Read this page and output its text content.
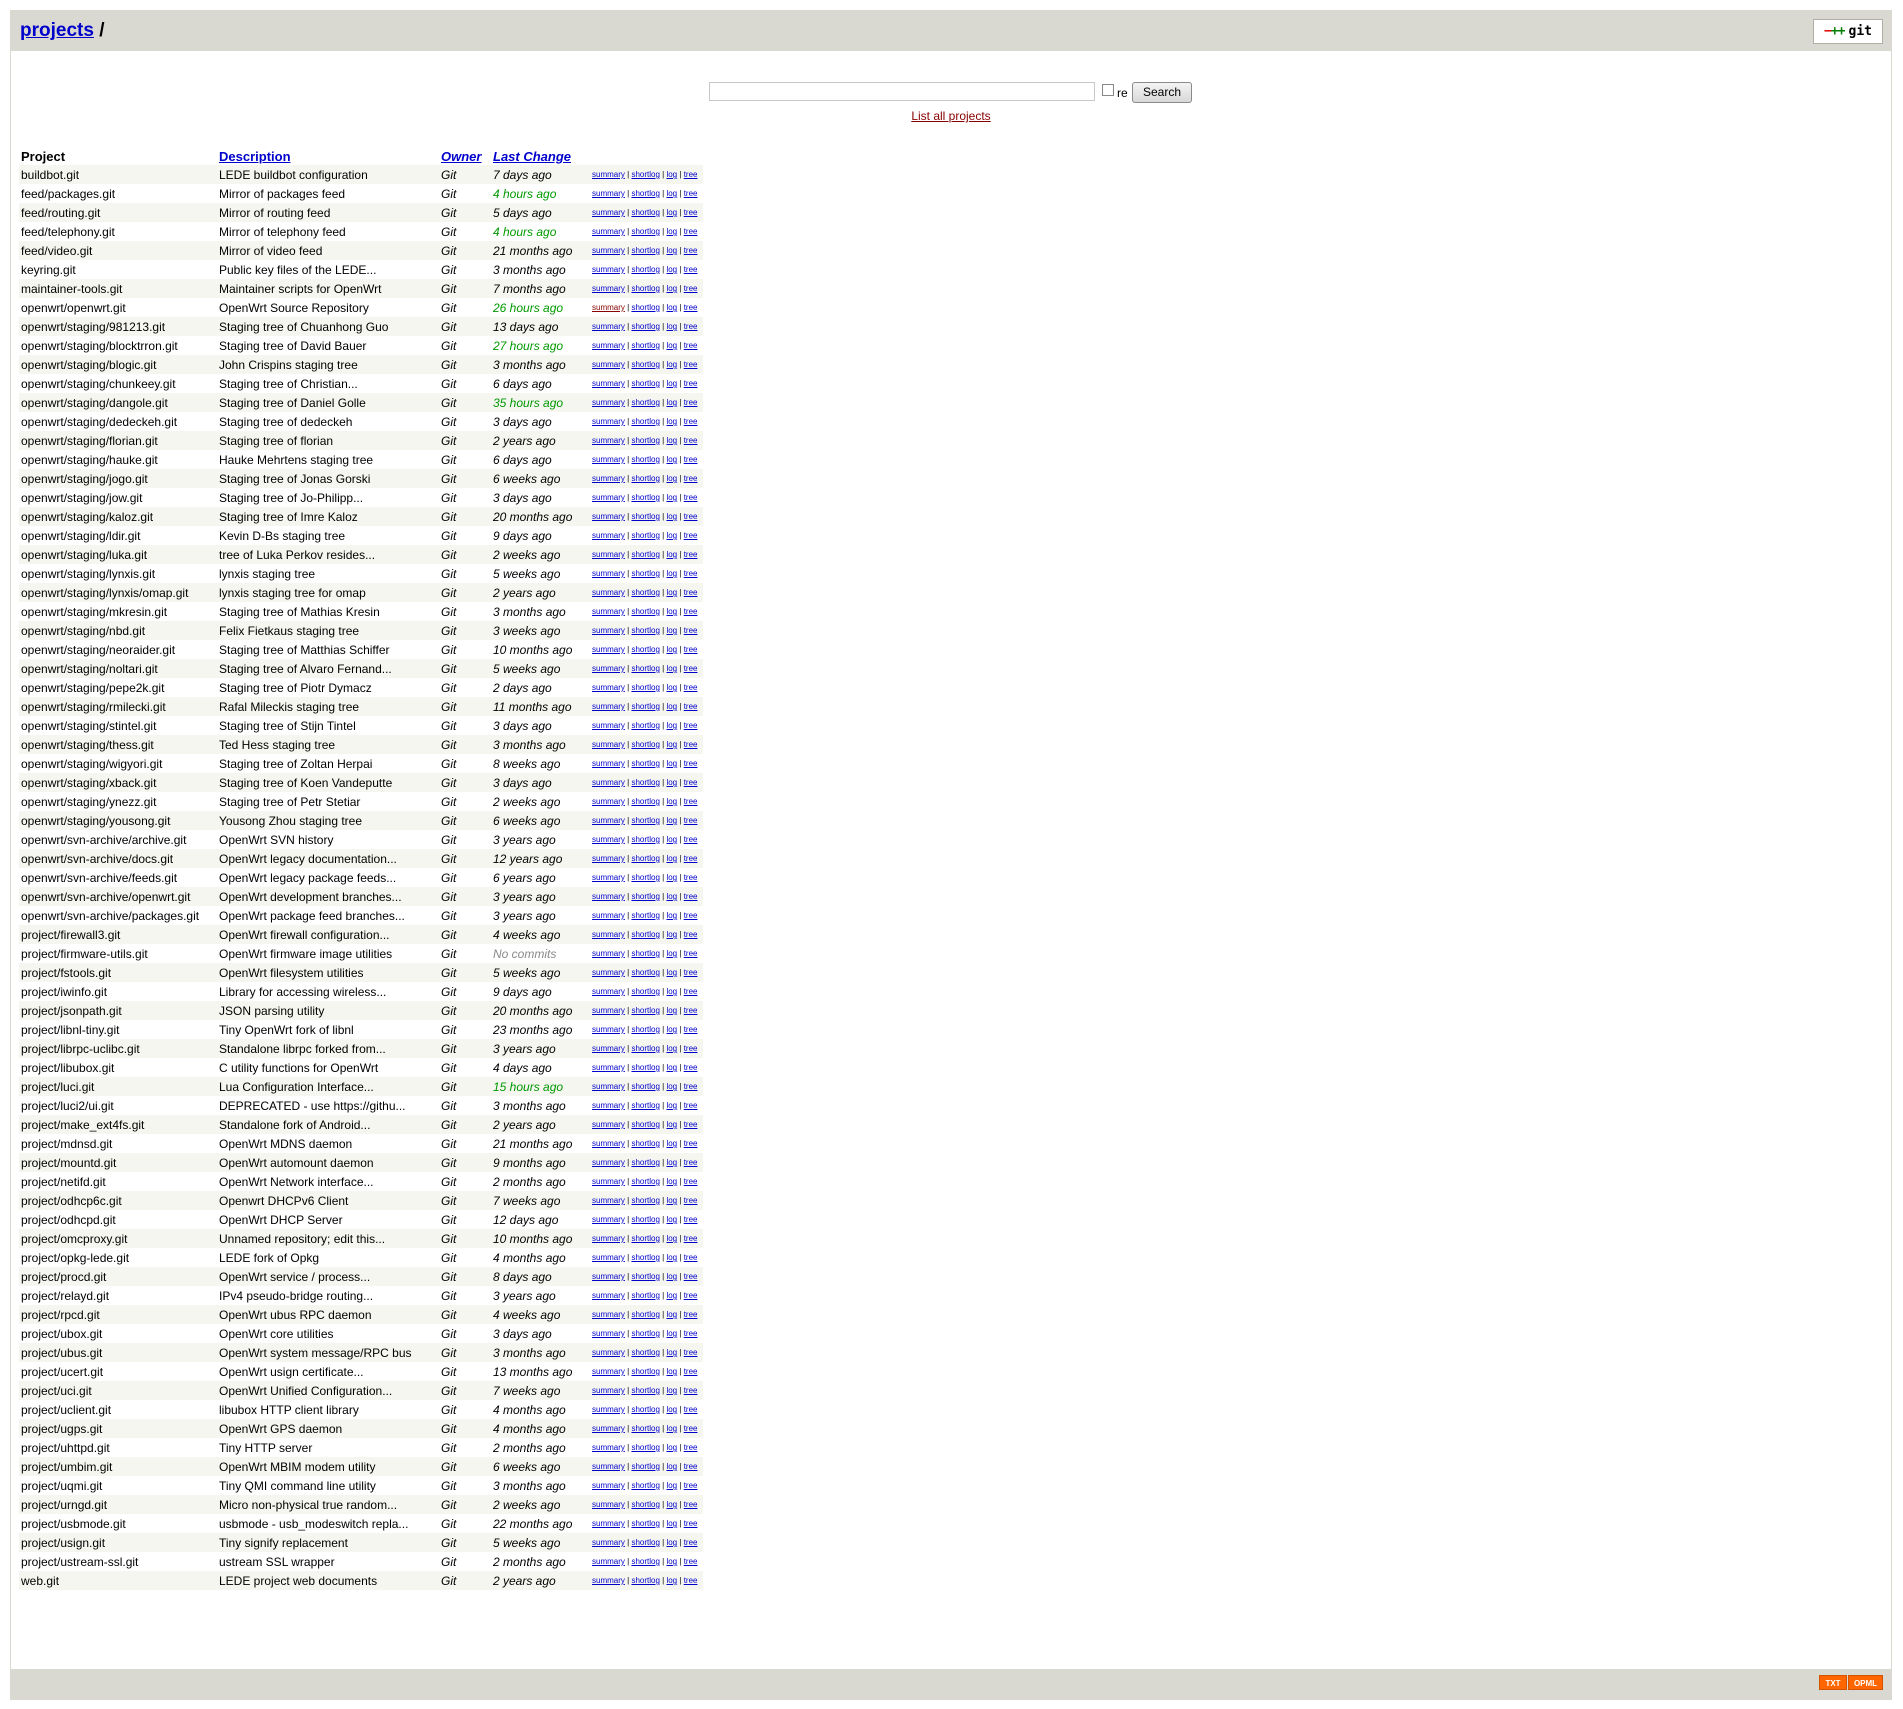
projects /	−++ git
re	Search
List all projects
Project	Description	Owner	Last Change	
buildbot.git	LEDE buildbot configuration	Git	7 days ago	summary | shortlog | log | tree
feed/packages.git	Mirror of packages feed	Git	4 hours ago	summary | shortlog | log | tree
feed/routing.git	Mirror of routing feed	Git	5 days ago	summary | shortlog | log | tree
feed/telephony.git	Mirror of telephony feed	Git	4 hours ago	summary | shortlog | log | tree
feed/video.git	Mirror of video feed	Git	21 months ago	summary | shortlog | log | tree
keyring.git	Public key files of the LEDE...	Git	3 months ago	summary | shortlog | log | tree
maintainer-tools.git	Maintainer scripts for OpenWrt	Git	7 months ago	summary | shortlog | log | tree
openwrt/openwrt.git	OpenWrt Source Repository	Git	26 hours ago	summary | shortlog | log | tree
openwrt/staging/981213.git	Staging tree of Chuanhong Guo	Git	13 days ago	summary | shortlog | log | tree
openwrt/staging/blocktrron.git	Staging tree of David Bauer	Git	27 hours ago	summary | shortlog | log | tree
openwrt/staging/blogic.git	John Crispins staging tree	Git	3 months ago	summary | shortlog | log | tree
openwrt/staging/chunkeey.git	Staging tree of Christian...	Git	6 days ago	summary | shortlog | log | tree
openwrt/staging/dangole.git	Staging tree of Daniel Golle	Git	35 hours ago	summary | shortlog | log | tree
openwrt/staging/dedeckeh.git	Staging tree of dedeckeh	Git	3 days ago	summary | shortlog | log | tree
openwrt/staging/florian.git	Staging tree of florian	Git	2 years ago	summary | shortlog | log | tree
openwrt/staging/hauke.git	Hauke Mehrtens staging tree	Git	6 days ago	summary | shortlog | log | tree
openwrt/staging/jogo.git	Staging tree of Jonas Gorski	Git	6 weeks ago	summary | shortlog | log | tree
openwrt/staging/jow.git	Staging tree of Jo-Philipp...	Git	3 days ago	summary | shortlog | log | tree
openwrt/staging/kaloz.git	Staging tree of Imre Kaloz	Git	20 months ago	summary | shortlog | log | tree
openwrt/staging/ldir.git	Kevin D-Bs staging tree	Git	9 days ago	summary | shortlog | log | tree
openwrt/staging/luka.git	tree of Luka Perkov resides...	Git	2 weeks ago	summary | shortlog | log | tree
openwrt/staging/lynxis.git	lynxis staging tree	Git	5 weeks ago	summary | shortlog | log | tree
openwrt/staging/lynxis/omap.git	lynxis staging tree for omap	Git	2 years ago	summary | shortlog | log | tree
openwrt/staging/mkresin.git	Staging tree of Mathias Kresin	Git	3 months ago	summary | shortlog | log | tree
openwrt/staging/nbd.git	Felix Fietkaus staging tree	Git	3 weeks ago	summary | shortlog | log | tree
openwrt/staging/neoraider.git	Staging tree of Matthias Schiffer	Git	10 months ago	summary | shortlog | log | tree
openwrt/staging/noltari.git	Staging tree of Alvaro Fernand...	Git	5 weeks ago	summary | shortlog | log | tree
openwrt/staging/pepe2k.git	Staging tree of Piotr Dymacz	Git	2 days ago	summary | shortlog | log | tree
openwrt/staging/rmilecki.git	Rafal Mileckis staging tree	Git	11 months ago	summary | shortlog | log | tree
openwrt/staging/stintel.git	Staging tree of Stijn Tintel	Git	3 days ago	summary | shortlog | log | tree
openwrt/staging/thess.git	Ted Hess staging tree	Git	3 months ago	summary | shortlog | log | tree
openwrt/staging/wigyori.git	Staging tree of Zoltan Herpai	Git	8 weeks ago	summary | shortlog | log | tree
openwrt/staging/xback.git	Staging tree of Koen Vandeputte	Git	3 days ago	summary | shortlog | log | tree
openwrt/staging/ynezz.git	Staging tree of Petr Stetiar	Git	2 weeks ago	summary | shortlog | log | tree
openwrt/staging/yousong.git	Yousong Zhou staging tree	Git	6 weeks ago	summary | shortlog | log | tree
openwrt/svn-archive/archive.git	OpenWrt SVN history	Git	3 years ago	summary | shortlog | log | tree
openwrt/svn-archive/docs.git	OpenWrt legacy documentation...	Git	12 years ago	summary | shortlog | log | tree
openwrt/svn-archive/feeds.git	OpenWrt legacy package feeds...	Git	6 years ago	summary | shortlog | log | tree
openwrt/svn-archive/openwrt.git	OpenWrt development branches...	Git	3 years ago	summary | shortlog | log | tree
openwrt/svn-archive/packages.git	OpenWrt package feed branches...	Git	3 years ago	summary | shortlog | log | tree
project/firewall3.git	OpenWrt firewall configuration...	Git	4 weeks ago	summary | shortlog | log | tree
project/firmware-utils.git	OpenWrt firmware image utilities	Git	No commits	summary | shortlog | log | tree
project/fstools.git	OpenWrt filesystem utilities	Git	5 weeks ago	summary | shortlog | log | tree
project/iwinfo.git	Library for accessing wireless...	Git	9 days ago	summary | shortlog | log | tree
project/jsonpath.git	JSON parsing utility	Git	20 months ago	summary | shortlog | log | tree
project/libnl-tiny.git	Tiny OpenWrt fork of libnl	Git	23 months ago	summary | shortlog | log | tree
project/librpc-uclibc.git	Standalone librpc forked from...	Git	3 years ago	summary | shortlog | log | tree
project/libubox.git	C utility functions for OpenWrt	Git	4 days ago	summary | shortlog | log | tree
project/luci.git	Lua Configuration Interface...	Git	15 hours ago	summary | shortlog | log | tree
project/luci2/ui.git	DEPRECATED - use https://githu...	Git	3 months ago	summary | shortlog | log | tree
project/make_ext4fs.git	Standalone fork of Android...	Git	2 years ago	summary | shortlog | log | tree
project/mdnsd.git	OpenWrt MDNS daemon	Git	21 months ago	summary | shortlog | log | tree
project/mountd.git	OpenWrt automount daemon	Git	9 months ago	summary | shortlog | log | tree
project/netifd.git	OpenWrt Network interface...	Git	2 months ago	summary | shortlog | log | tree
project/odhcp6c.git	Openwrt DHCPv6 Client	Git	7 weeks ago	summary | shortlog | log | tree
project/odhcpd.git	OpenWrt DHCP Server	Git	12 days ago	summary | shortlog | log | tree
project/omcproxy.git	Unnamed repository; edit this...	Git	10 months ago	summary | shortlog | log | tree
project/opkg-lede.git	LEDE fork of Opkg	Git	4 months ago	summary | shortlog | log | tree
project/procd.git	OpenWrt service / process...	Git	8 days ago	summary | shortlog | log | tree
project/relayd.git	IPv4 pseudo-bridge routing...	Git	3 years ago	summary | shortlog | log | tree
project/rpcd.git	OpenWrt ubus RPC daemon	Git	4 weeks ago	summary | shortlog | log | tree
project/ubox.git	OpenWrt core utilities	Git	3 days ago	summary | shortlog | log | tree
project/ubus.git	OpenWrt system message/RPC bus	Git	3 months ago	summary | shortlog | log | tree
project/ucert.git	OpenWrt usign certificate...	Git	13 months ago	summary | shortlog | log | tree
project/uci.git	OpenWrt Unified Configuration...	Git	7 weeks ago	summary | shortlog | log | tree
project/uclient.git	libubox HTTP client library	Git	4 months ago	summary | shortlog | log | tree
project/ugps.git	OpenWrt GPS daemon	Git	4 months ago	summary | shortlog | log | tree
project/uhttpd.git	Tiny HTTP server	Git	2 months ago	summary | shortlog | log | tree
project/umbim.git	OpenWrt MBIM modem utility	Git	6 weeks ago	summary | shortlog | log | tree
project/uqmi.git	Tiny QMI command line utility	Git	3 months ago	summary | shortlog | log | tree
project/urngd.git	Micro non-physical true random...	Git	2 weeks ago	summary | shortlog | log | tree
project/usbmode.git	usbmode - usb_modeswitch repla...	Git	22 months ago	summary | shortlog | log | tree
project/usign.git	Tiny signify replacement	Git	5 weeks ago	summary | shortlog | log | tree
project/ustream-ssl.git	ustream SSL wrapper	Git	2 months ago	summary | shortlog | log | tree
web.git	LEDE project web documents	Git	2 years ago	summary | shortlog | log | tree
TXT	OPML
